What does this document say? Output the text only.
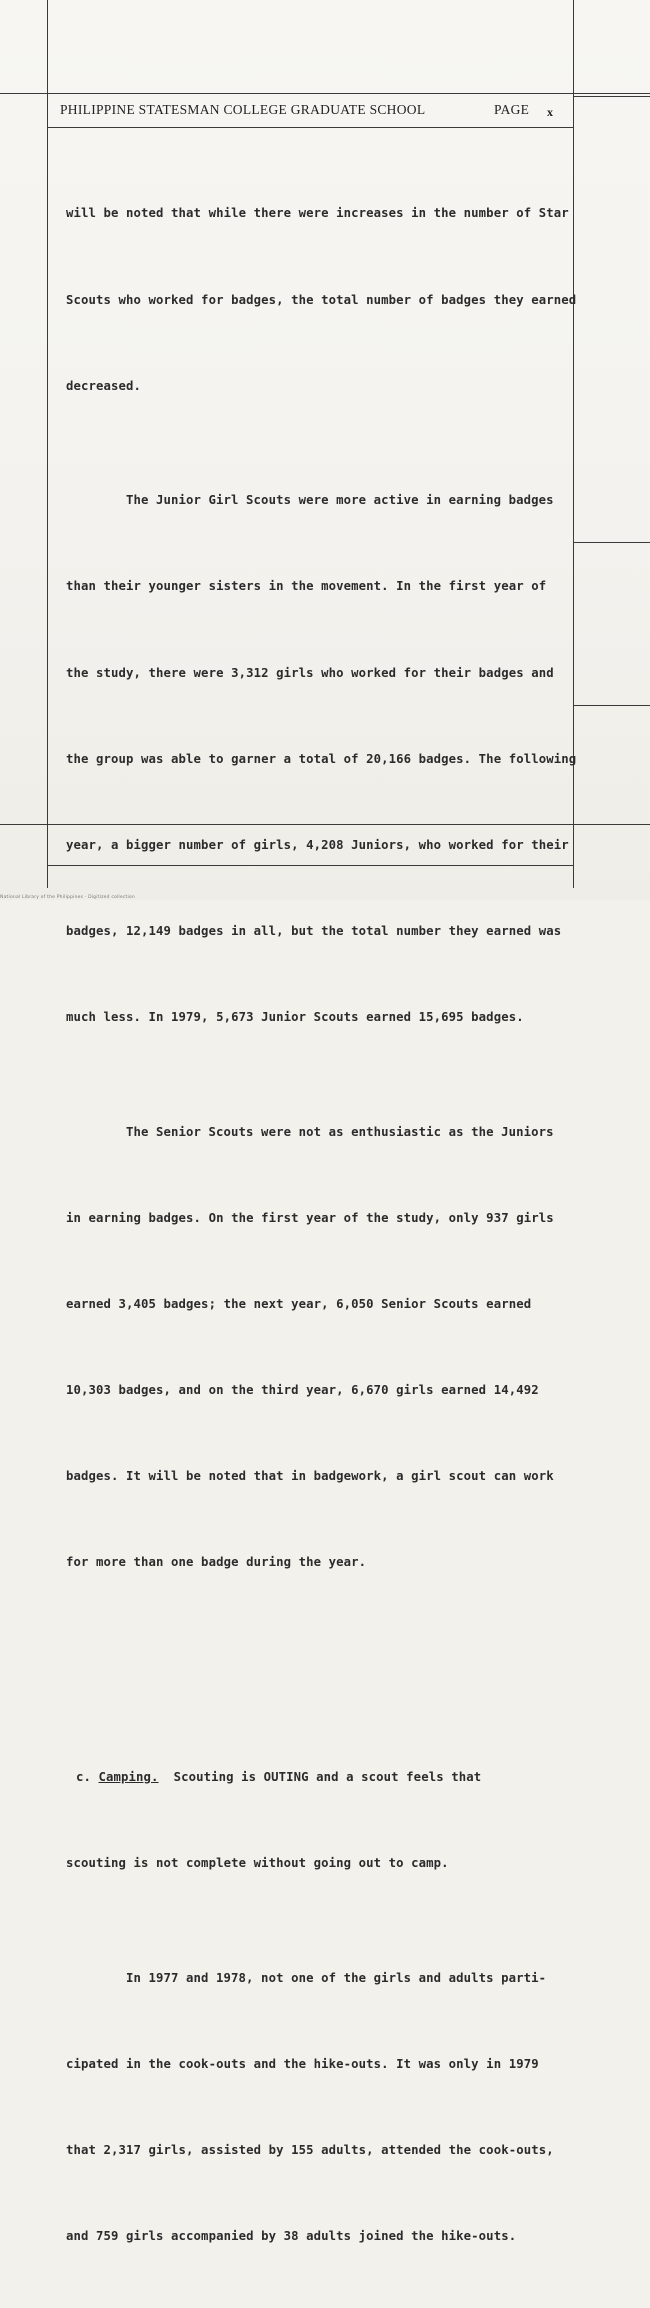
PHILIPPINE STATESMAN COLLEGE GRADUATE SCHOOL	PAGE x

will be noted that while there were increases in the number of Star

Scouts who worked for badges, the total number of badges they earned

decreased.

The Junior Girl Scouts were more active in earning badges

than their younger sisters in the movement. In the first year of

the study, there were 3,312 girls who worked for their badges and

the group was able to garner a total of 20,166 badges. The following

year, a bigger number of girls, 4,208 Juniors, who worked for their

badges, 12,149 badges in all, but the total number they earned was

much less. In 1979, 5,673 Junior Scouts earned 15,695 badges.

The Senior Scouts were not as enthusiastic as the Juniors

in earning badges. On the first year of the study, only 937 girls

earned 3,405 badges; the next year, 6,050 Senior Scouts earned

10,303 badges, and on the third year, 6,670 girls earned 14,492

badges. It will be noted that in badgework, a girl scout can work

for more than one badge during the year.

c. Camping. Scouting is OUTING and a scout feels that

scouting is not complete without going out to camp.

In 1977 and 1978, not one of the girls and adults parti-

cipated in the cook-outs and the hike-outs. It was only in 1979

that 2,317 girls, assisted by 155 adults, attended the cook-outs,

and 759 girls accompanied by 38 adults joined the hike-outs.

National Library of the Philippines · Digitized collection
